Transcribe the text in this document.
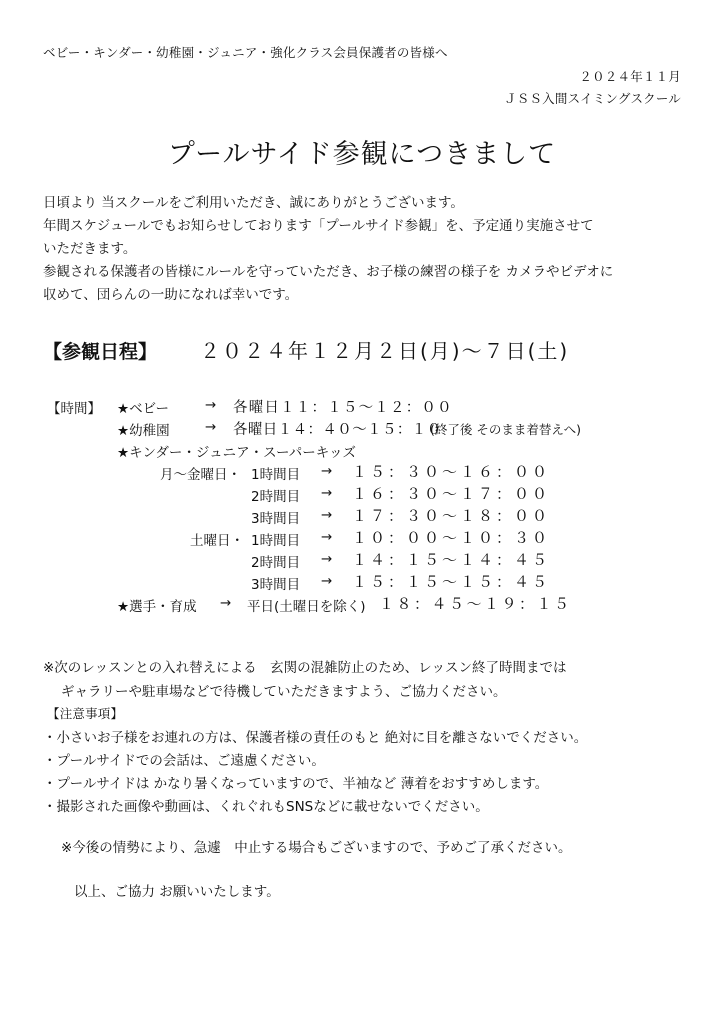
ベビー・キンダー・幼稚園・ジュニア・強化クラス会員保護者の皆様へ
２０２４年１１月
ＪＳＳ入間スイミングスクール
プールサイド参観につきまして
日頃より 当スクールをご利用いただき、誠にありがとうございます。
年間スケジュールでもお知らせしております「プールサイド参観」を、予定通り実施させて
いただきます。
参観される保護者の皆様にルールを守っていただき、お子様の練習の様子を カメラやビデオに
収めて、団らんの一助になれば幸いです。
【参観日程】 ２０２４年１２月２日(月)～７日(土)
【時間】 ★ベビー	→ 各曜日１１：１５～１２：００
★幼稚園	→ 各曜日１４：４０～１５：１０
(終了後 そのまま着替えへ)
★キンダー・ジュニア・スーパーキッズ
月～金曜日・ 1時間目 → １５：３０～１６：００
2時間目 → １６：３０～１７：００
3時間目 → １７：３０～１８：００
土曜日・ 1時間目 → １０：００～１０：３０
2時間目 → １４：１５～１４：４５
3時間目 → １５：１５～１５：４５
★選手・育成 → 平日(土曜日を除く) １８：４５～１９：１５
※次のレッスンとの入れ替えによる　玄関の混雑防止のため、レッスン終了時間までは
ギャラリーや駐車場などで待機していただきますよう、ご協力ください。
【注意事項】
・小さいお子様をお連れの方は、保護者様の責任のもと 絶対に目を離さないでください。
・プールサイドでの会話は、ご遠慮ください。
・プールサイドは かなり暑くなっていますので、半袖など 薄着をおすすめします。
・撮影された画像や動画は、くれぐれもSNSなどに載せないでください。
※今後の情勢により、急遽　中止する場合もございますので、予めご了承ください。
以上、ご協力 お願いいたします。
